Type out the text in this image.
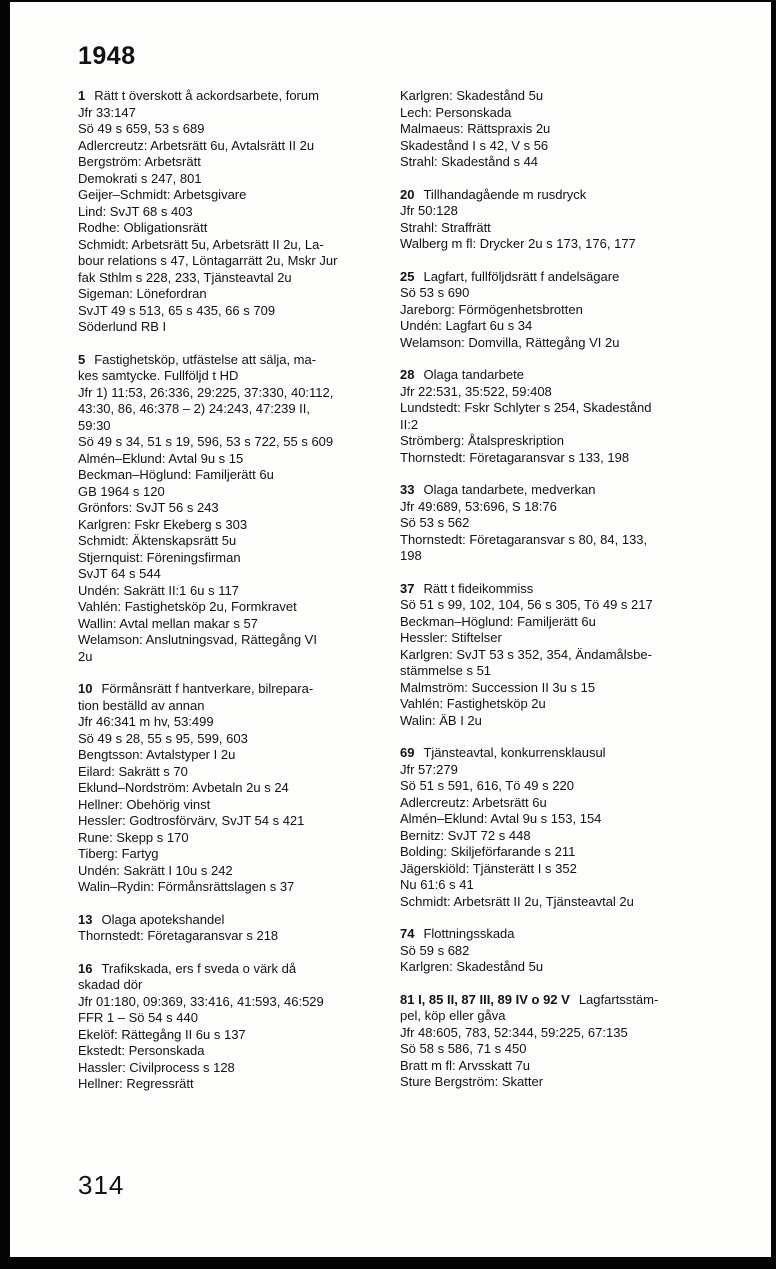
1948

1 Rätt t överskott å ackordsarbete, forum

Jfr 33:147

Sö 49 s 659, 53 s 689

Adlercreutz: Arbetsrätt 6u, Avtalsrätt II 2u

Bergström: Arbetsrätt

Demokrati s 247, 801

Geijer–Schmidt: Arbetsgivare

Lind: SvJT 68 s 403

Rodhe: Obligationsrätt

Schmidt: Arbetsrätt 5u, Arbetsrätt II 2u, La-

bour relations s 47, Löntagarrätt 2u, Mskr Jur

fak Sthlm s 228, 233, Tjänsteavtal 2u

Sigeman: Lönefordran

SvJT 49 s 513, 65 s 435, 66 s 709

Söderlund RB I

5 Fastighetsköp, utfästelse att sälja, ma-

kes samtycke. Fullföljd t HD

Jfr 1) 11:53, 26:336, 29:225, 37:330, 40:112,

43:30, 86, 46:378 – 2) 24:243, 47:239 II,

59:30

Sö 49 s 34, 51 s 19, 596, 53 s 722, 55 s 609

Almén–Eklund: Avtal 9u s 15

Beckman–Höglund: Familjerätt 6u

GB 1964 s 120

Grönfors: SvJT 56 s 243

Karlgren: Fskr Ekeberg s 303

Schmidt: Äktenskapsrätt 5u

Stjernquist: Föreningsfirman

SvJT 64 s 544

Undén: Sakrätt II:1 6u s 117

Vahlén: Fastighetsköp 2u, Formkravet

Wallin: Avtal mellan makar s 57

Welamson: Anslutningsvad, Rättegång VI

2u

10 Förmånsrätt f hantverkare, bilrepara-

tion beställd av annan

Jfr 46:341 m hv, 53:499

Sö 49 s 28, 55 s 95, 599, 603

Bengtsson: Avtalstyper I 2u

Eilard: Sakrätt s 70

Eklund–Nordström: Avbetaln 2u s 24

Hellner: Obehörig vinst

Hessler: Godtrosförvärv, SvJT 54 s 421

Rune: Skepp s 170

Tiberg: Fartyg

Undén: Sakrätt I 10u s 242

Walin–Rydin: Förmånsrättslagen s 37

13 Olaga apotekshandel

Thornstedt: Företagaransvar s 218

16 Trafikskada, ers f sveda o värk då

skadad dör

Jfr 01:180, 09:369, 33:416, 41:593, 46:529

FFR 1 – Sö 54 s 440

Ekelöf: Rättegång II 6u s 137

Ekstedt: Personskada

Hassler: Civilprocess s 128

Hellner: Regressrätt

Karlgren: Skadestånd 5u

Lech: Personskada

Malmaeus: Rättspraxis 2u

Skadestånd I s 42, V s 56

Strahl: Skadestånd s 44

20 Tillhandagående m rusdryck

Jfr 50:128

Strahl: Straffrätt

Walberg m fl: Drycker 2u s 173, 176, 177

25 Lagfart, fullföljdsrätt f andelsägare

Sö 53 s 690

Jareborg: Förmögenhetsbrotten

Undén: Lagfart 6u s 34

Welamson: Domvilla, Rättegång VI 2u

28 Olaga tandarbete

Jfr 22:531, 35:522, 59:408

Lundstedt: Fskr Schlyter s 254, Skadestånd

II:2

Strömberg: Åtalspreskription

Thornstedt: Företagaransvar s 133, 198

33 Olaga tandarbete, medverkan

Jfr 49:689, 53:696, S 18:76

Sö 53 s 562

Thornstedt: Företagaransvar s 80, 84, 133,

198

37 Rätt t fideikommiss

Sö 51 s 99, 102, 104, 56 s 305, Tö 49 s 217

Beckman–Höglund: Familjerätt 6u

Hessler: Stiftelser

Karlgren: SvJT 53 s 352, 354, Ändamålsbe-

stämmelse s 51

Malmström: Succession II 3u s 15

Vahlén: Fastighetsköp 2u

Walin: ÄB I 2u

69 Tjänsteavtal, konkurrensklausul

Jfr 57:279

Sö 51 s 591, 616, Tö 49 s 220

Adlercreutz: Arbetsrätt 6u

Almén–Eklund: Avtal 9u s 153, 154

Bernitz: SvJT 72 s 448

Bolding: Skiljeförfarande s 211

Jägerskiöld: Tjänsterätt I s 352

Nu 61:6 s 41

Schmidt: Arbetsrätt II 2u, Tjänsteavtal 2u

74 Flottningsskada

Sö 59 s 682

Karlgren: Skadestånd 5u

81 I, 85 II, 87 III, 89 IV o 92 V Lagfartsstäm-

pel, köp eller gåva

Jfr 48:605, 783, 52:344, 59:225, 67:135

Sö 58 s 586, 71 s 450

Bratt m fl: Arvsskatt 7u

Sture Bergström: Skatter

314
